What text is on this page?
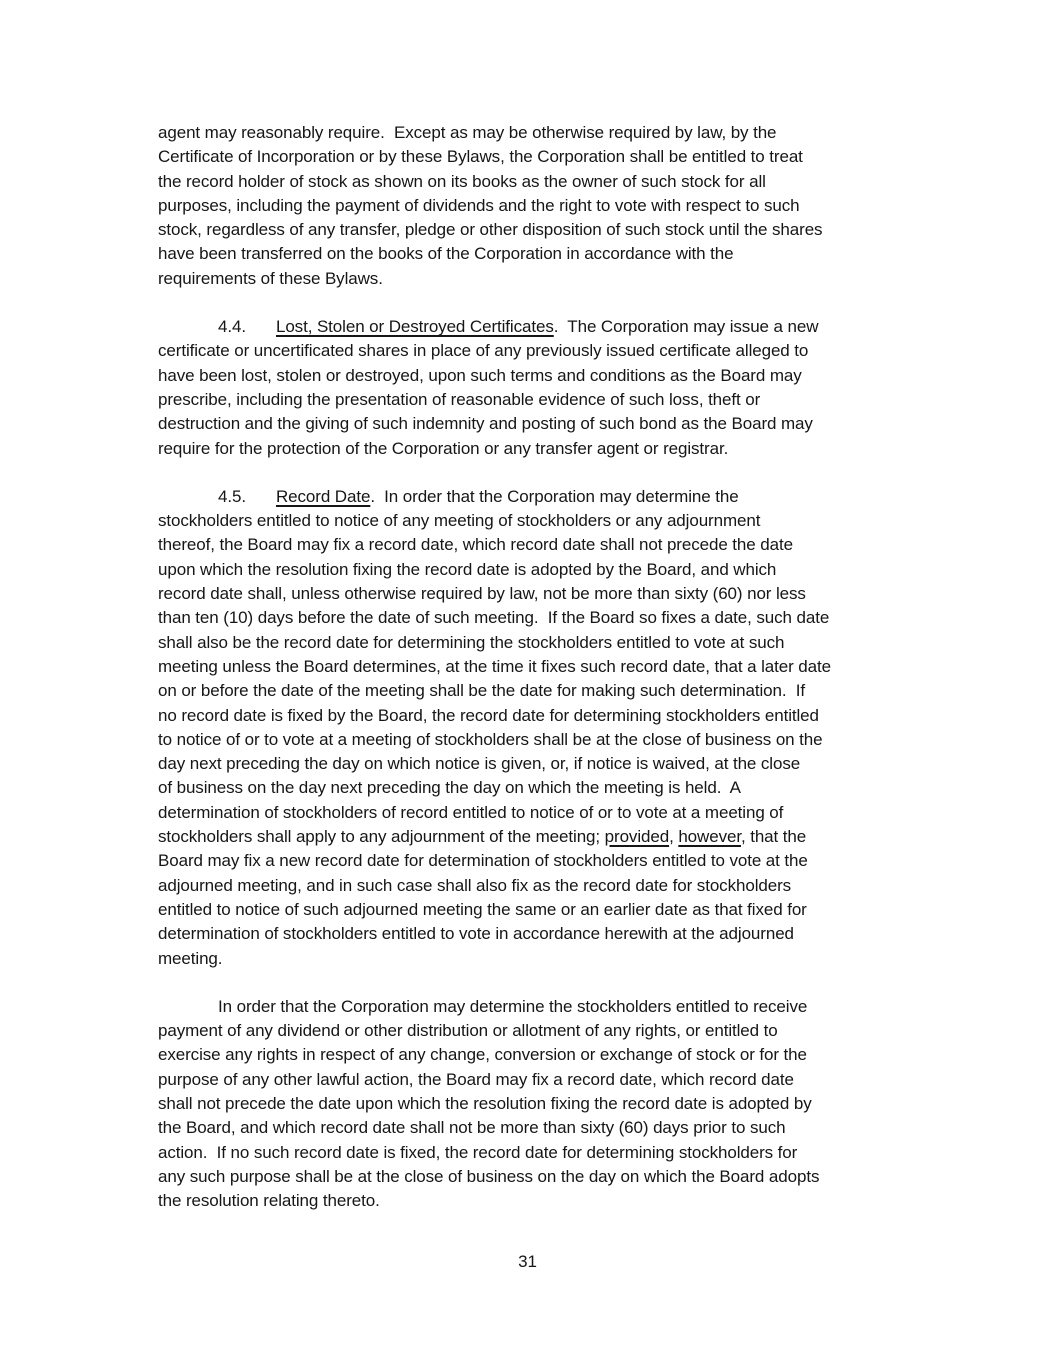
agent may reasonably require.  Except as may be otherwise required by law, by the
Certificate of Incorporation or by these Bylaws, the Corporation shall be entitled to treat
the record holder of stock as shown on its books as the owner of such stock for all
purposes, including the payment of dividends and the right to vote with respect to such
stock, regardless of any transfer, pledge or other disposition of such stock until the shares
have been transferred on the books of the Corporation in accordance with the
requirements of these Bylaws.
4.4. Lost, Stolen or Destroyed Certificates.  The Corporation may issue a new
certificate or uncertificated shares in place of any previously issued certificate alleged to
have been lost, stolen or destroyed, upon such terms and conditions as the Board may
prescribe, including the presentation of reasonable evidence of such loss, theft or
destruction and the giving of such indemnity and posting of such bond as the Board may
require for the protection of the Corporation or any transfer agent or registrar.
4.5. Record Date.  In order that the Corporation may determine the
stockholders entitled to notice of any meeting of stockholders or any adjournment
thereof, the Board may fix a record date, which record date shall not precede the date
upon which the resolution fixing the record date is adopted by the Board, and which
record date shall, unless otherwise required by law, not be more than sixty (60) nor less
than ten (10) days before the date of such meeting.  If the Board so fixes a date, such date
shall also be the record date for determining the stockholders entitled to vote at such
meeting unless the Board determines, at the time it fixes such record date, that a later date
on or before the date of the meeting shall be the date for making such determination.  If
no record date is fixed by the Board, the record date for determining stockholders entitled
to notice of or to vote at a meeting of stockholders shall be at the close of business on the
day next preceding the day on which notice is given, or, if notice is waived, at the close
of business on the day next preceding the day on which the meeting is held.  A
determination of stockholders of record entitled to notice of or to vote at a meeting of
stockholders shall apply to any adjournment of the meeting; provided, however, that the
Board may fix a new record date for determination of stockholders entitled to vote at the
adjourned meeting, and in such case shall also fix as the record date for stockholders
entitled to notice of such adjourned meeting the same or an earlier date as that fixed for
determination of stockholders entitled to vote in accordance herewith at the adjourned
meeting.
In order that the Corporation may determine the stockholders entitled to receive
payment of any dividend or other distribution or allotment of any rights, or entitled to
exercise any rights in respect of any change, conversion or exchange of stock or for the
purpose of any other lawful action, the Board may fix a record date, which record date
shall not precede the date upon which the resolution fixing the record date is adopted by
the Board, and which record date shall not be more than sixty (60) days prior to such
action.  If no such record date is fixed, the record date for determining stockholders for
any such purpose shall be at the close of business on the day on which the Board adopts
the resolution relating thereto.
31
